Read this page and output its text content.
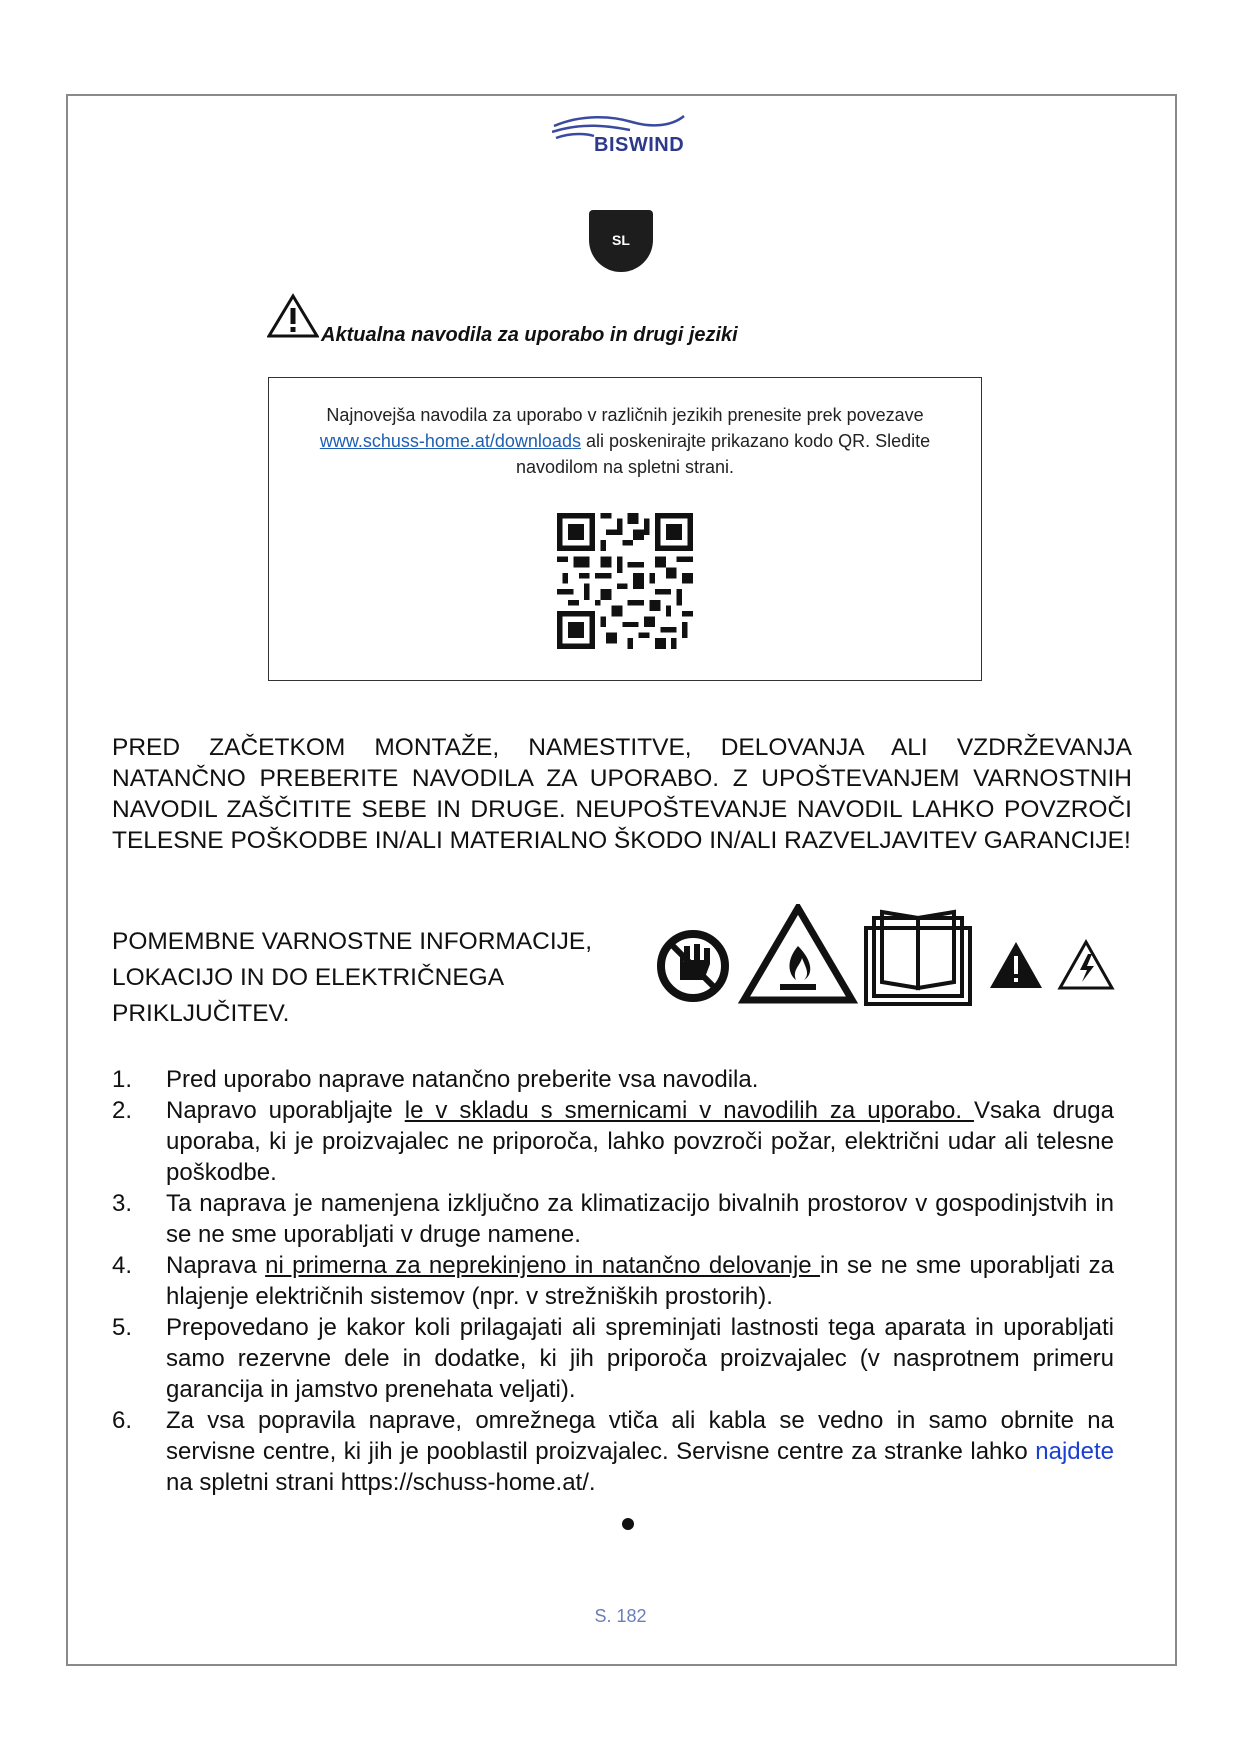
BISWIND
SL
Aktualna navodila za uporabo in drugi jeziki
Najnovejša navodila za uporabo v različnih jezikih prenesite prek povezave
www.schuss-home.at/downloads ali poskenirajte prikazano kodo QR. Sledite
navodilom na spletni strani.
PRED ZAČETKOM MONTAŽE, NAMESTITVE, DELOVANJA ALI VZDRŽEVANJA NATANČNO PREBERITE NAVODILA ZA UPORABO. Z UPOŠTEVANJEM VARNOSTNIH NAVODIL ZAŠČITITE SEBE IN DRUGE. NEUPOŠTEVANJE NAVODIL LAHKO POVZROČI TELESNE POŠKODBE IN/ALI MATERIALNO ŠKODO IN/ALI RAZVELJAVITEV GARANCIJE!
POMEMBNE VARNOSTNE INFORMACIJE,
LOKACIJO IN DO ELEKTRIČNEGA
PRIKLJUČITEV.
1. Pred uporabo naprave natančno preberite vsa navodila.
2. Napravo uporabljajte le v skladu s smernicami v navodilih za uporabo. Vsaka druga uporaba, ki je proizvajalec ne priporoča, lahko povzroči požar, električni udar ali telesne poškodbe.
3. Ta naprava je namenjena izključno za klimatizacijo bivalnih prostorov v gospodinjstvih in se ne sme uporabljati v druge namene.
4. Naprava ni primerna za neprekinjeno in natančno delovanje in se ne sme uporabljati za hlajenje električnih sistemov (npr. v strežniških prostorih).
5. Prepovedano je kakor koli prilagajati ali spreminjati lastnosti tega aparata in uporabljati samo rezervne dele in dodatke, ki jih priporoča proizvajalec (v nasprotnem primeru garancija in jamstvo prenehata veljati).
6. Za vsa popravila naprave, omrežnega vtiča ali kabla se vedno in samo obrnite na servisne centre, ki jih je pooblastil proizvajalec. Servisne centre za stranke lahko najdete na spletni strani https://schuss-home.at/.
S. 182
